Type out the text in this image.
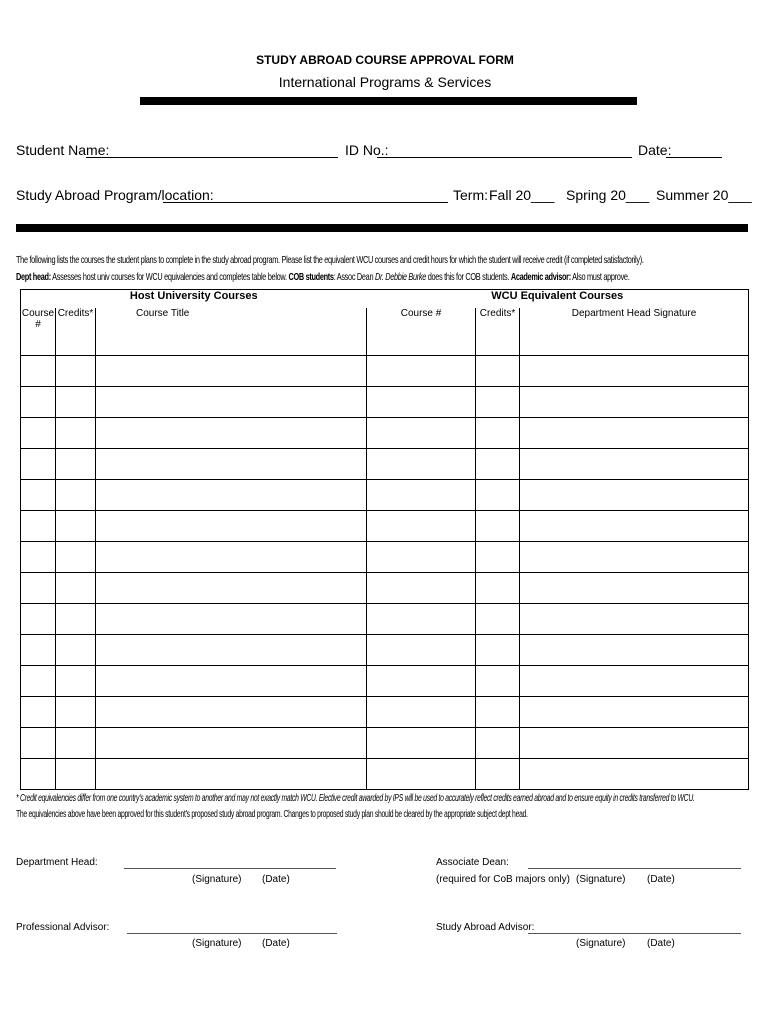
STUDY ABROAD COURSE APPROVAL FORM
International Programs & Services
Student Name:	ID No.:	Date:
Study Abroad Program/location:	Term: Fall 20___ Spring 20___ Summer 20___
The following lists the courses the student plans to complete in the study abroad program. Please list the equivalent WCU courses and credit hours for which the student will receive credit (if completed satisfactorily).
Dept head: Assesses host univ courses for WCU equivalencies and completes table below. COB students: Assoc Dean Dr. Debbie Burke does this for COB students. Academic advisor: Also must approve.
Host University Courses			WCU Equivalent Courses		
Course #	Credits*	Course Title	Course #	Credits*	Department Head Signature

* Credit equivalencies differ from one country's academic system to another and may not exactly match WCU. Elective credit awarded by IPS will be used to accurately reflect credits earned abroad and to ensure equity in credits transferred to WCU.
The equivalencies above have been approved for this student's proposed study abroad program. Changes to proposed study plan should be cleared by the appropriate subject dept head.
Department Head:
(Signature) (Date)
Associate Dean:
(required for CoB majors only) (Signature) (Date)
Professional Advisor:
(Signature) (Date)
Study Abroad Advisor:
(Signature) (Date)
